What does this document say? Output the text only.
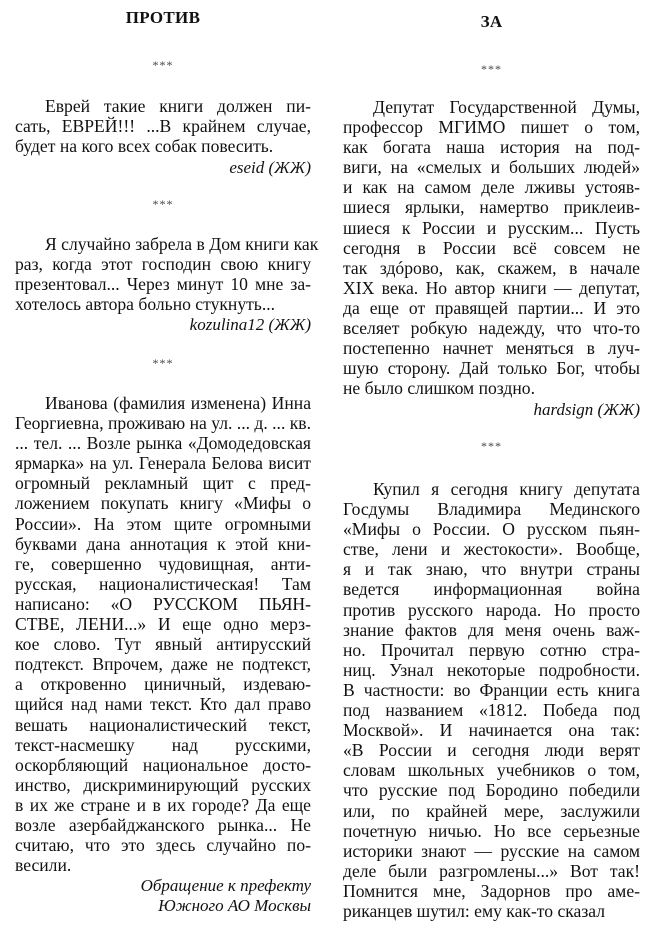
ПРОТИВ
***
Еврей такие книги должен пи-
сать, ЕВРЕЙ!!! ...В крайнем случае,
будет на кого всех собак повесить.
eseid (ЖЖ)
***
Я случайно забрела в Дом книги как
раз, когда этот господин свою книгу
презентовал... Через минут 10 мне за-
хотелось автора больно стукнуть...
kozulina12 (ЖЖ)
***
Иванова (фамилия изменена) Инна
Георгиевна, проживаю на ул. ... д. ... кв.
... тел. ... Возле рынка «Домодедовская
ярмарка» на ул. Генерала Белова висит
огромный рекламный щит с пред-
ложением покупать книгу «Мифы о
России». На этом щите огромными
буквами дана аннотация к этой кни-
ге, совершенно чудовищная, анти-
русская, националистическая! Там
написано: «О РУССКОМ ПЬЯН-
СТВЕ, ЛЕНИ...» И еще одно мерз-
кое слово. Тут явный антирусский
подтекст. Впрочем, даже не подтекст,
а откровенно циничный, издеваю-
щийся над нами текст. Кто дал право
вешать националистический текст,
текст-насмешку над русскими,
оскорбляющий национальное досто-
инство, дискриминирующий русских
в их же стране и в их городе? Да еще
возле азербайджанского рынка... Не
считаю, что это здесь случайно по-
весили.
Обращение к префекту
Южного АО Москвы
ЗА
***
Депутат Государственной Думы,
профессор МГИМО пишет о том,
как богата наша история на под-
виги, на «смелых и больших людей»
и как на самом деле лживы устояв-
шиеся ярлыки, намертво приклеив-
шиеся к России и русским... Пусть
сегодня в России всё совсем не
так здóрово, как, скажем, в начале
XIX века. Но автор книги — депутат,
да еще от правящей партии... И это
вселяет робкую надежду, что что-то
постепенно начнет меняться в луч-
шую сторону. Дай только Бог, чтобы
не было слишком поздно.
hardsign (ЖЖ)
***
Купил я сегодня книгу депутата
Госдумы Владимира Мединского
«Мифы о России. О русском пьян-
стве, лени и жестокости». Вообще,
я и так знаю, что внутри страны
ведется информационная война
против русского народа. Но просто
знание фактов для меня очень важ-
но. Прочитал первую сотню стра-
ниц. Узнал некоторые подробности.
В частности: во Франции есть книга
под названием «1812. Победа под
Москвой». И начинается она так:
«В России и сегодня люди верят
словам школьных учебников о том,
что русские под Бородино победили
или, по крайней мере, заслужили
почетную ничью. Но все серьезные
историки знают — русские на самом
деле были разгромлены...» Вот так!
Помнится мне, Задорнов про аме-
риканцев шутил: ему как-то сказал
